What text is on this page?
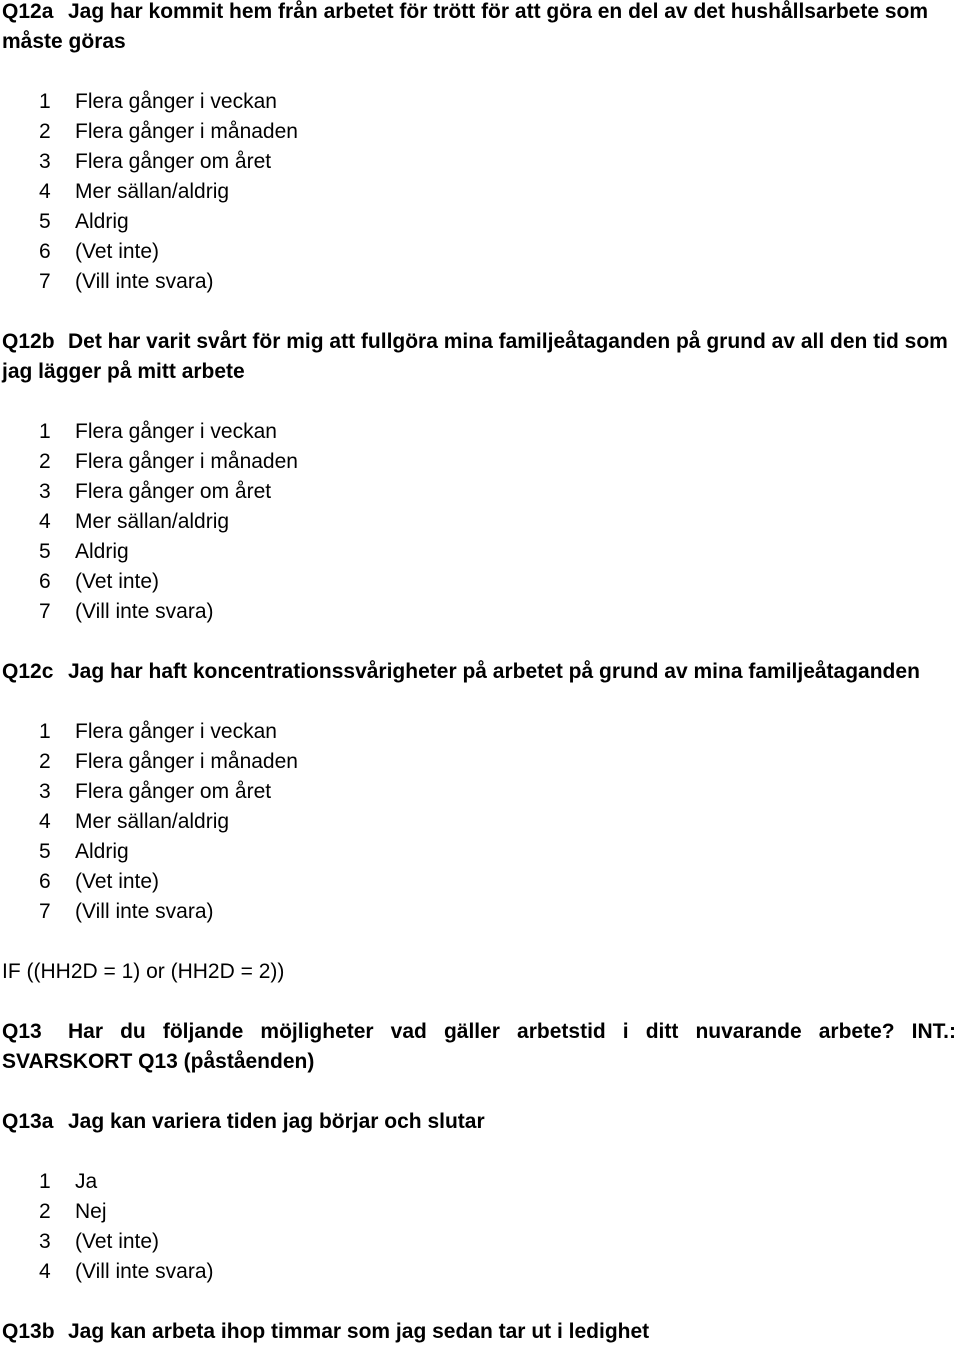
Q12a Jag har kommit hem från arbetet för trött för att göra en del av det hushållsarbete som måste göras

1	Flera gånger i veckan
2	Flera gånger i månaden
3	Flera gånger om året
4	Mer sällan/aldrig
5	Aldrig
6	(Vet inte)
7	(Vill inte svara)

Q12b Det har varit svårt för mig att fullgöra mina familjeåtaganden på grund av all den tid som jag lägger på mitt arbete

1	Flera gånger i veckan
2	Flera gånger i månaden
3	Flera gånger om året
4	Mer sällan/aldrig
5	Aldrig
6	(Vet inte)
7	(Vill inte svara)

Q12c Jag har haft koncentrationssvårigheter på arbetet på grund av mina familjeåtaganden

1	Flera gånger i veckan
2	Flera gånger i månaden
3	Flera gånger om året
4	Mer sällan/aldrig
5	Aldrig
6	(Vet inte)
7	(Vill inte svara)

IF ((HH2D = 1) or (HH2D = 2))

Q13 Har du följande möjligheter vad gäller arbetstid i ditt nuvarande arbete? INT.: SVARSKORT Q13 (påståenden)

Q13a Jag kan variera tiden jag börjar och slutar

1	Ja
2	Nej
3	(Vet inte)
4	(Vill inte svara)

Q13b Jag kan arbeta ihop timmar som jag sedan tar ut i ledighet
